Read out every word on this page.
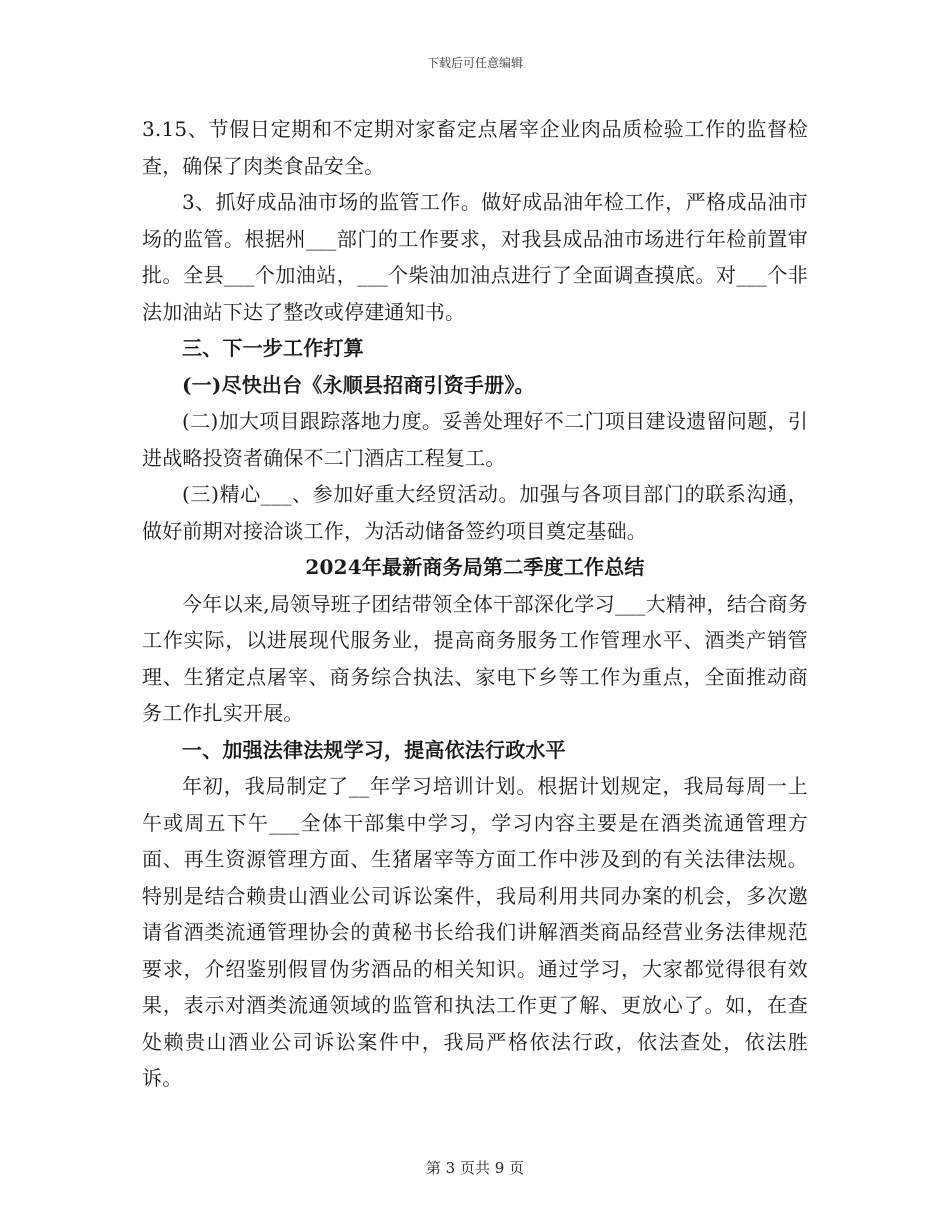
下载后可任意编辑

3.15、节假日定期和不定期对家畜定点屠宰企业肉品质检验工作的监督检查，确保了肉类食品安全。

3、抓好成品油市场的监管工作。做好成品油年检工作，严格成品油市场的监管。根据州___部门的工作要求，对我县成品油市场进行年检前置审批。全县___个加油站，___个柴油加油点进行了全面调查摸底。对___个非法加油站下达了整改或停建通知书。

三、下一步工作打算

(一)尽快出台《永顺县招商引资手册》。

(二)加大项目跟踪落地力度。妥善处理好不二门项目建设遗留问题，引进战略投资者确保不二门酒店工程复工。

(三)精心___、参加好重大经贸活动。加强与各项目部门的联系沟通，做好前期对接洽谈工作，为活动储备签约项目奠定基础。

2024年最新商务局第二季度工作总结

今年以来,局领导班子团结带领全体干部深化学习___大精神，结合商务工作实际，以进展现代服务业，提高商务服务工作管理水平、酒类产销管理、生猪定点屠宰、商务综合执法、家电下乡等工作为重点，全面推动商务工作扎实开展。

一、加强法律法规学习，提高依法行政水平

年初，我局制定了__年学习培训计划。根据计划规定，我局每周一上午或周五下午___全体干部集中学习，学习内容主要是在酒类流通管理方面、再生资源管理方面、生猪屠宰等方面工作中涉及到的有关法律法规。特别是结合赖贵山酒业公司诉讼案件，我局利用共同办案的机会，多次邀请省酒类流通管理协会的黄秘书长给我们讲解酒类商品经营业务法律规范要求，介绍鉴别假冒伪劣酒品的相关知识。通过学习，大家都觉得很有效果，表示对酒类流通领域的监管和执法工作更了解、更放心了。如，在查处赖贵山酒业公司诉讼案件中，我局严格依法行政，依法查处，依法胜诉。

第 3 页共 9 页
